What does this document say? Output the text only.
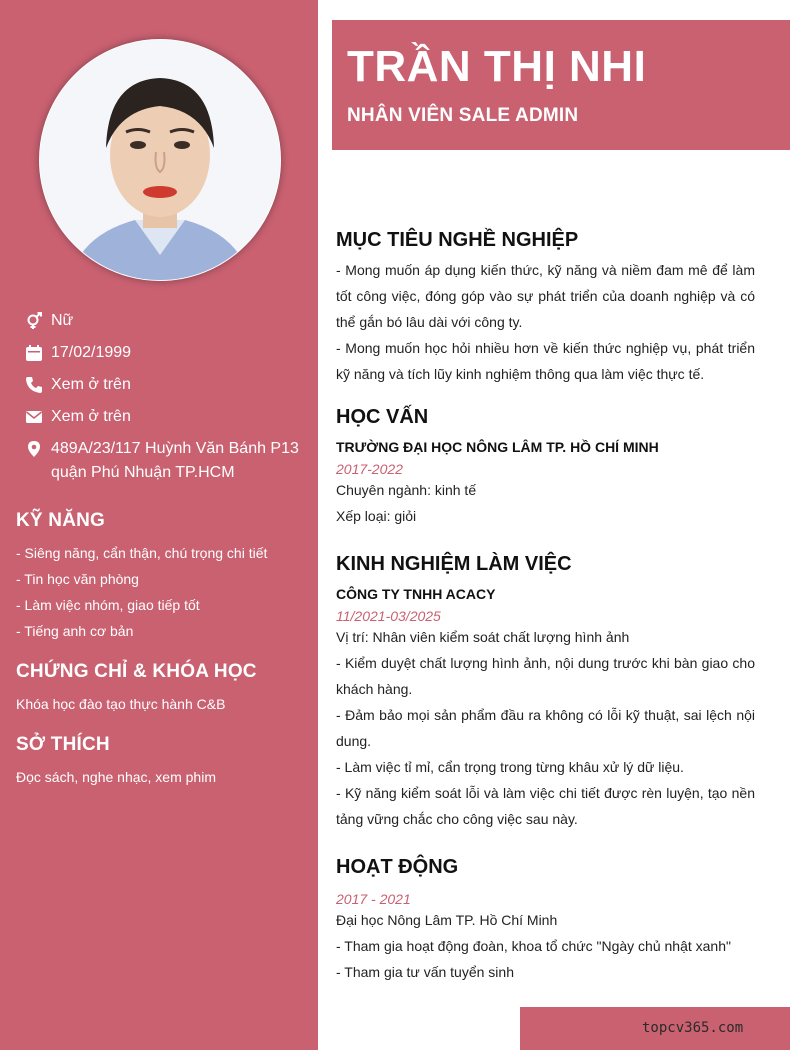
Nữ
17/02/1999
Xem ở trên
Xem ở trên
489A/23/117 Huỳnh Văn Bánh P13 quận Phú Nhuận TP.HCM
KỸ NĂNG
- Siêng năng, cẩn thận, chú trọng chi tiết
- Tin học văn phòng
- Làm việc nhóm, giao tiếp tốt
- Tiếng anh cơ bản
CHỨNG CHỈ & KHÓA HỌC
Khóa học đào tạo thực hành C&B
SỞ THÍCH
Đọc sách, nghe nhạc, xem phim
TRẦN THỊ NHI
NHÂN VIÊN SALE ADMIN
MỤC TIÊU NGHỀ NGHIỆP
- Mong muốn áp dụng kiến thức, kỹ năng và niềm đam mê để làm tốt công việc, đóng góp vào sự phát triển của doanh nghiệp và có thể gắn bó lâu dài với công ty.
- Mong muốn học hỏi nhiều hơn về kiến thức nghiệp vụ, phát triển kỹ năng và tích lũy kinh nghiệm thông qua làm việc thực tế.
HỌC VẤN
TRƯỜNG ĐẠI HỌC NÔNG LÂM TP. HỒ CHÍ MINH
2017-2022
Chuyên ngành: kinh tế
Xếp loại: giỏi
KINH NGHIỆM LÀM VIỆC
CÔNG TY TNHH ACACY
11/2021-03/2025
Vị trí: Nhân viên kiểm soát chất lượng hình ảnh
- Kiểm duyệt chất lượng hình ảnh, nội dung trước khi bàn giao cho khách hàng.
- Đảm bảo mọi sản phẩm đầu ra không có lỗi kỹ thuật, sai lệch nội dung.
- Làm việc tỉ mỉ, cẩn trọng trong từng khâu xử lý dữ liệu.
- Kỹ năng kiểm soát lỗi và làm việc chi tiết được rèn luyện, tạo nền tảng vững chắc cho công việc sau này.
HOẠT ĐỘNG
2017 - 2021
Đại học Nông Lâm TP. Hồ Chí Minh
- Tham gia hoạt động đoàn, khoa tổ chức "Ngày chủ nhật xanh"
- Tham gia tư vấn tuyển sinh
topcv365.com
